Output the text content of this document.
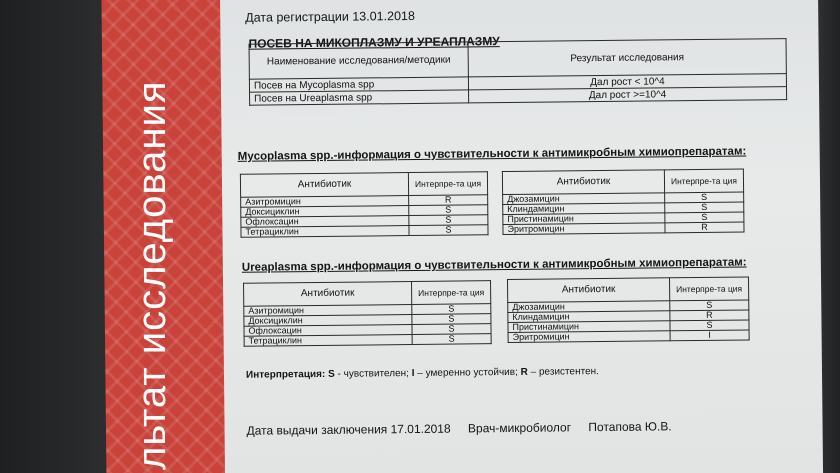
льтат исследования
Дата регистрации 13.01.2018
ПОСЕВ НА МИКОПЛАЗМУ И УРЕАПЛАЗМУ
Наименование исследования/методики	Результат исследования
Посев на Mycoplasma spp	Дал рост < 10^4
Посев на Ureaplasma spp	Дал рост >=10^4
Mycoplasma spp.-информация о чувствительности к антимикробным химиопрепаратам:
Антибиотик	Интерпре-та ция
Азитромицин	R
Доксициклин	S
Офлоксацин	S
Тетрациклин	S
Антибиотик	Интерпре-та ция
Джозамицин	S
Клиндамицин	S
Пристинамицин	S
Эритромицин	R
Ureaplasma spp.-информация о чувствительности к антимикробным химиопрепаратам:
Антибиотик	Интерпре-та ция
Азитромицин	S
Доксициклин	S
Офлоксацин	S
Тетрациклин	S
Антибиотик	Интерпре-та ция
Джозамицин	S
Клиндамицин	R
Пристинамицин	S
Эритромицин	I
Интерпретация: S - чувствителен; I – умеренно устойчив; R – резистентен.
Дата выдачи заключения 17.01.2018 Врач-микробиолог Потапова Ю.В.
